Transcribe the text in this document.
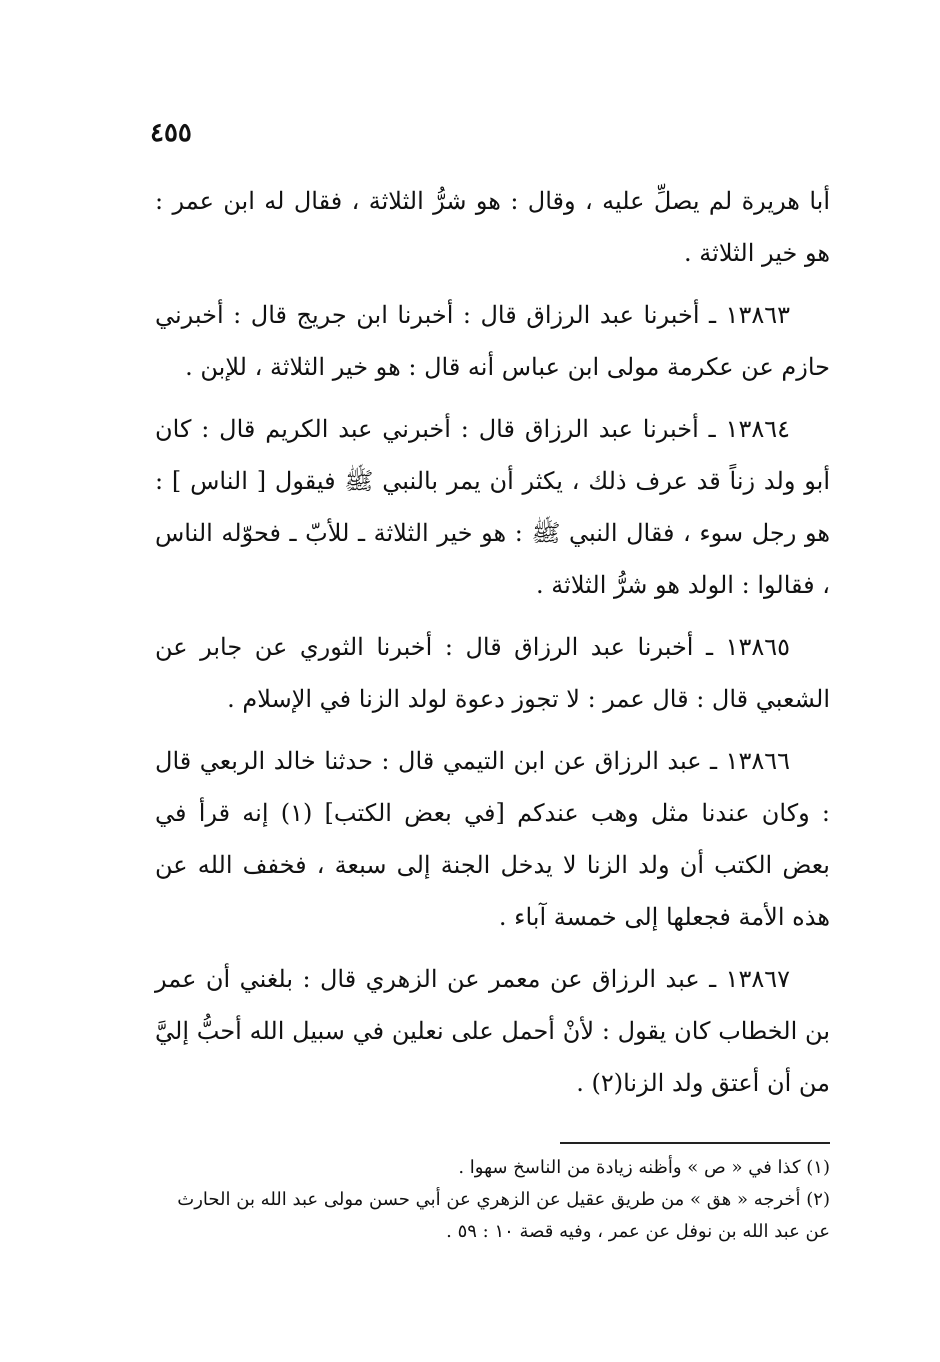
٤٥٥

أبا هريرة لم يصلِّ عليه ، وقال : هو شرُّ الثلاثة ، فقال له ابن عمر : هو خير الثلاثة .

١٣٨٦٣ ـ أخبرنا عبد الرزاق قال : أخبرنا ابن جريج قال : أخبرني حازم عن عكرمة مولى ابن عباس أنه قال : هو خير الثلاثة ، للإبن .

١٣٨٦٤ ـ أخبرنا عبد الرزاق قال : أخبرني عبد الكريم قال : كان أبو ولد زناً قد عرف ذلك ، يكثر أن يمر بالنبي ﷺ فيقول [ الناس ] : هو رجل سوء ، فقال النبي ﷺ : هو خير الثلاثة ـ للأبّ ـ فحوّله الناس ، فقالوا : الولد هو شرُّ الثلاثة .

١٣٨٦٥ ـ أخبرنا عبد الرزاق قال : أخبرنا الثوري عن جابر عن الشعبي قال : قال عمر : لا تجوز دعوة لولد الزنا في الإسلام .

١٣٨٦٦ ـ عبد الرزاق عن ابن التيمي قال : حدثنا خالد الربعي قال : وكان عندنا مثل وهب عندكم [في بعض الكتب] (١) إنه قرأ في بعض الكتب أن ولد الزنا لا يدخل الجنة إلى سبعة ، فخفف الله عن هذه الأمة فجعلها إلى خمسة آباء .

١٣٨٦٧ ـ عبد الرزاق عن معمر عن الزهري قال : بلغني أن عمر بن الخطاب كان يقول : لأنْ أحمل على نعلين في سبيل الله أحبُّ إليَّ من أن أعتق ولد الزنا(٢) .

(١) كذا في « ص » وأظنه زيادة من الناسخ سهوا .

(٢) أخرجه « هق » من طريق عقيل عن الزهري عن أبي حسن مولى عبد الله بن الحارث عن عبد الله بن نوفل عن عمر ، وفيه قصة ١٠ : ٥٩ .
